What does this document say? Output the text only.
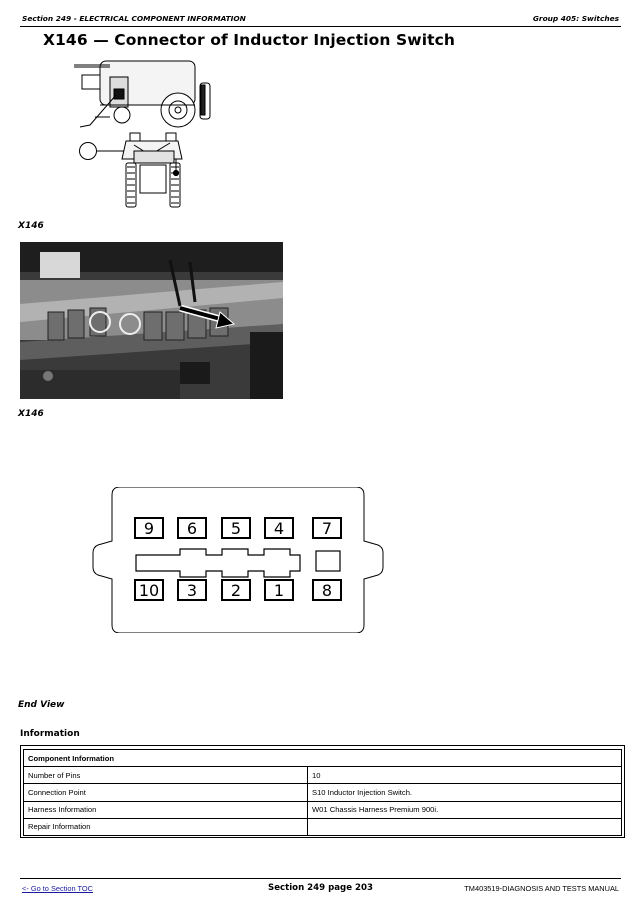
Section 249 - ELECTRICAL COMPONENT INFORMATION	Group 405: Switches
X146 — Connector of Inductor Injection Switch
X146
X146
9	6	5	4	7
10	3	2	1	8
End View
Information
Component Information	
Number of Pins	10
Connection Point	S10 Inductor Injection Switch.
Harness Information	W01 Chassis Harness Premium 900i.
Repair Information	
<- Go to Section TOC	Section 249 page 203	TM403519-DIAGNOSIS AND TESTS MANUAL
